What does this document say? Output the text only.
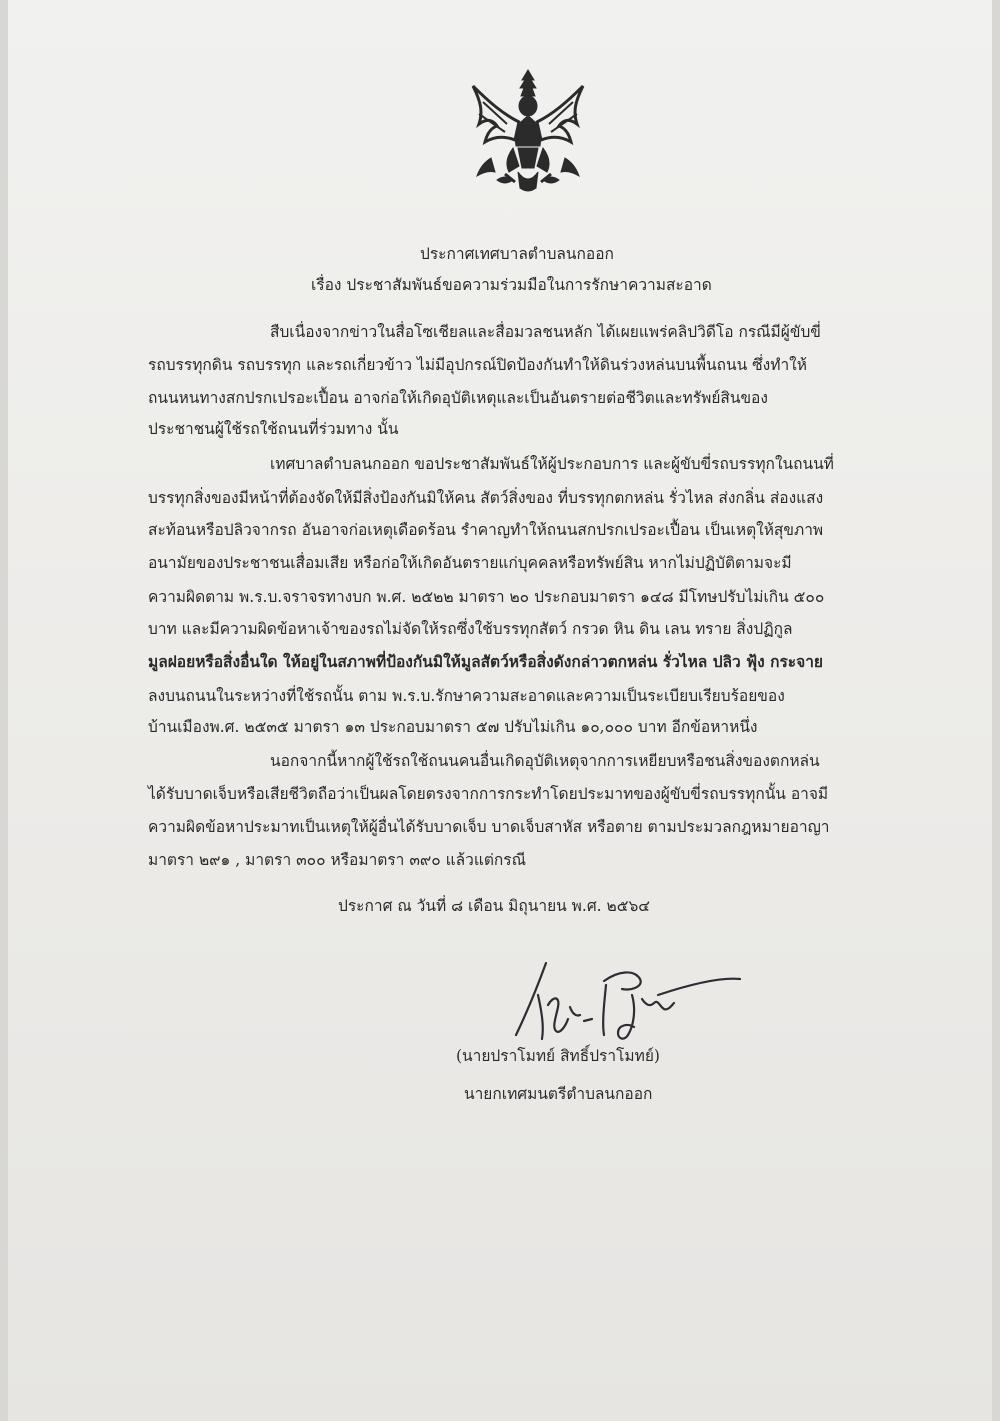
ประกาศเทศบาลตำบลนกออก
เรื่อง ประชาสัมพันธ์ขอความร่วมมือในการรักษาความสะอาด
สืบเนื่องจากข่าวในสื่อโซเชียลและสื่อมวลชนหลัก ได้เผยแพร่คลิปวิดีโอ กรณีมีผู้ขับขี่
รถบรรทุกดิน รถบรรทุก และรถเกี่ยวข้าว ไม่มีอุปกรณ์ปิดป้องกันทำให้ดินร่วงหล่นบนพื้นถนน ซึ่งทำให้
ถนนหนทางสกปรกเปรอะเปื้อน อาจก่อให้เกิดอุบัติเหตุและเป็นอันตรายต่อชีวิตและทรัพย์สินของ
ประชาชนผู้ใช้รถใช้ถนนที่ร่วมทาง นั้น
เทศบาลตำบลนกออก ขอประชาสัมพันธ์ให้ผู้ประกอบการ และผู้ขับขี่รถบรรทุกในถนนที่
บรรทุกสิ่งของมีหน้าที่ต้องจัดให้มีสิ่งป้องกันมิให้คน สัตว์สิ่งของ ที่บรรทุกตกหล่น รั่วไหล ส่งกลิ่น ส่องแสง
สะท้อนหรือปลิวจากรถ อันอาจก่อเหตุเดือดร้อน รำคาญทำให้ถนนสกปรกเปรอะเปื้อน เป็นเหตุให้สุขภาพ
อนามัยของประชาชนเสื่อมเสีย หรือก่อให้เกิดอันตรายแก่บุคคลหรือทรัพย์สิน หากไม่ปฏิบัติตามจะมี
ความผิดตาม พ.ร.บ.จราจรทางบก พ.ศ. ๒๕๒๒ มาตรา ๒๐ ประกอบมาตรา ๑๔๘ มีโทษปรับไม่เกิน ๕๐๐
บาท และมีความผิดข้อหาเจ้าของรถไม่จัดให้รถซึ่งใช้บรรทุกสัตว์ กรวด หิน ดิน เลน ทราย สิ่งปฏิกูล
มูลฝอยหรือสิ่งอื่นใด ให้อยู่ในสภาพที่ป้องกันมิให้มูลสัตว์หรือสิ่งดังกล่าวตกหล่น รั่วไหล ปลิว ฟุ้ง กระจาย
ลงบนถนนในระหว่างที่ใช้รถนั้น ตาม พ.ร.บ.รักษาความสะอาดและความเป็นระเบียบเรียบร้อยของ
บ้านเมืองพ.ศ. ๒๕๓๕ มาตรา ๑๓ ประกอบมาตรา ๕๗ ปรับไม่เกิน ๑๐,๐๐๐ บาท อีกข้อหาหนึ่ง
นอกจากนี้หากผู้ใช้รถใช้ถนนคนอื่นเกิดอุบัติเหตุจากการเหยียบหรือชนสิ่งของตกหล่น
ได้รับบาดเจ็บหรือเสียชีวิตถือว่าเป็นผลโดยตรงจากการกระทำโดยประมาทของผู้ขับขี่รถบรรทุกนั้น อาจมี
ความผิดข้อหาประมาทเป็นเหตุให้ผู้อื่นได้รับบาดเจ็บ บาดเจ็บสาหัส หรือตาย ตามประมวลกฎหมายอาญา
มาตรา ๒๙๑ , มาตรา ๓๐๐ หรือมาตรา ๓๙๐ แล้วแต่กรณี
ประกาศ ณ วันที่ ๘ เดือน มิถุนายน พ.ศ. ๒๕๖๔
(นายปราโมทย์ สิทธิ์ปราโมทย์)
นายกเทศมนตรีตำบลนกออก
